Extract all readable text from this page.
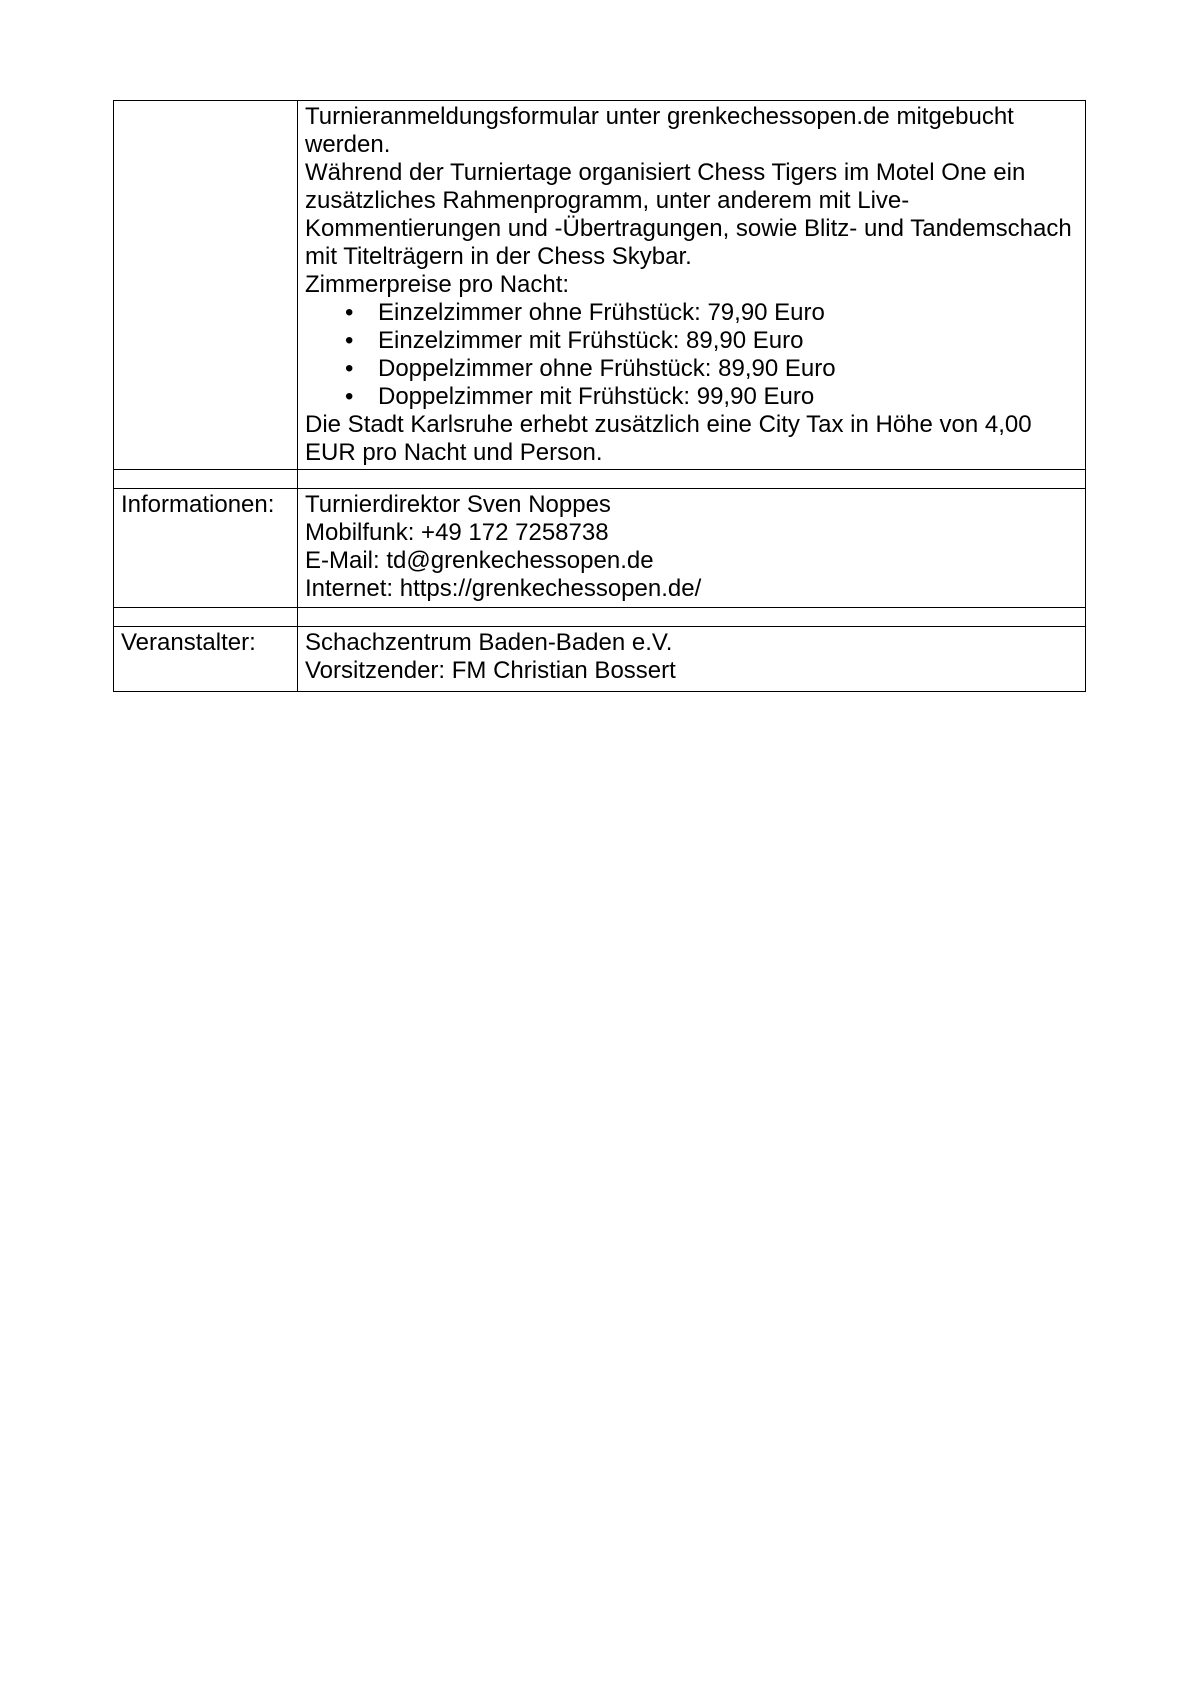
Turnieranmeldungsformular unter grenkechessopen.de mitgebucht
werden.
Während der Turniertage organisiert Chess Tigers im Motel One ein
zusätzliches Rahmenprogramm, unter anderem mit Live-
Kommentierungen und -Übertragungen, sowie Blitz- und Tandemschach
mit Titelträgern in der Chess Skybar.
Zimmerpreise pro Nacht:
• Einzelzimmer ohne Frühstück: 79,90 Euro
• Einzelzimmer mit Frühstück: 89,90 Euro
• Doppelzimmer ohne Frühstück: 89,90 Euro
• Doppelzimmer mit Frühstück: 99,90 Euro
Die Stadt Karlsruhe erhebt zusätzlich eine City Tax in Höhe von 4,00
EUR pro Nacht und Person.

Informationen:	Turnierdirektor Sven Noppes
Mobilfunk: +49 172 7258738
E-Mail: td@grenkechessopen.de
Internet: https://grenkechessopen.de/

Veranstalter:	Schachzentrum Baden-Baden e.V.
Vorsitzender: FM Christian Bossert
